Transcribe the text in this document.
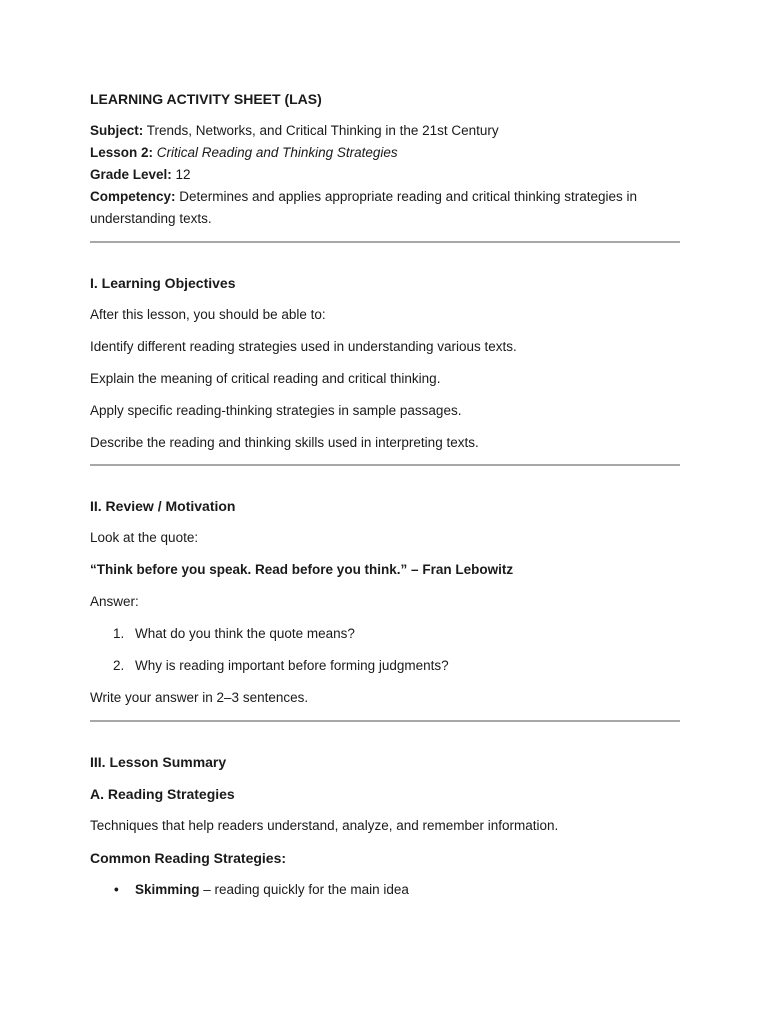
LEARNING ACTIVITY SHEET (LAS)
Subject: Trends, Networks, and Critical Thinking in the 21st Century
Lesson 2: Critical Reading and Thinking Strategies
Grade Level: 12
Competency: Determines and applies appropriate reading and critical thinking strategies in understanding texts.
I. Learning Objectives
After this lesson, you should be able to:
Identify different reading strategies used in understanding various texts.
Explain the meaning of critical reading and critical thinking.
Apply specific reading-thinking strategies in sample passages.
Describe the reading and thinking skills used in interpreting texts.
II. Review / Motivation
Look at the quote:
“Think before you speak. Read before you think.” – Fran Lebowitz
Answer:
1. What do you think the quote means?
2. Why is reading important before forming judgments?
Write your answer in 2–3 sentences.
III. Lesson Summary
A. Reading Strategies
Techniques that help readers understand, analyze, and remember information.
Common Reading Strategies:
• Skimming – reading quickly for the main idea
